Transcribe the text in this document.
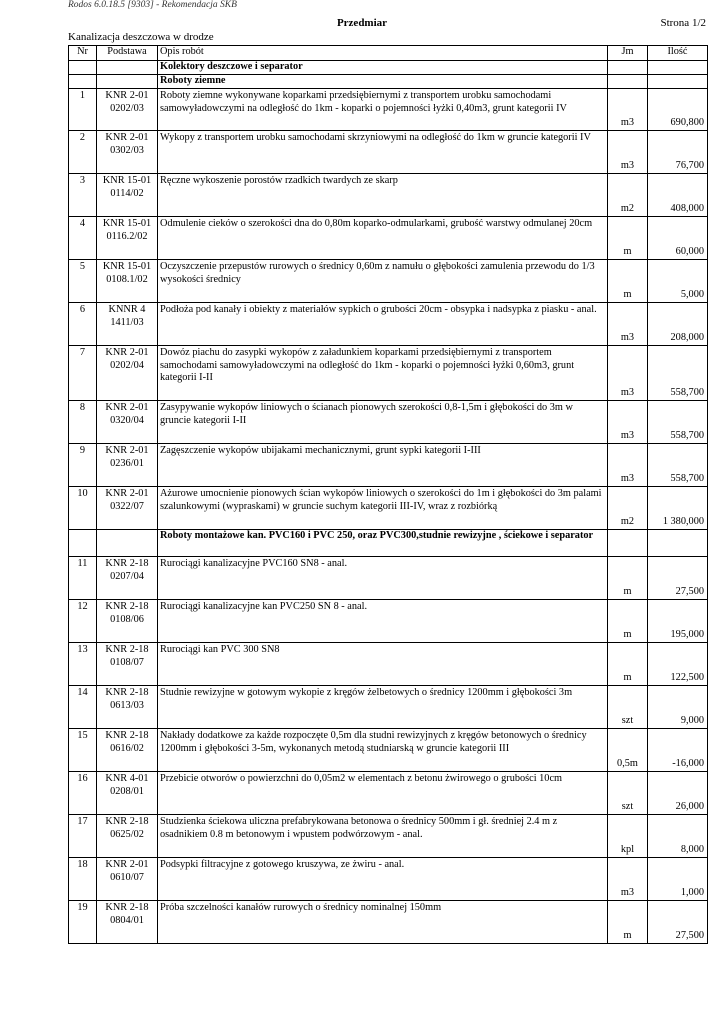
Rodos 6.0.18.5 [9303] - Rekomendacja SKB
Przedmiar	Strona 1/2
Kanalizacja deszczowa w drodze
Nr	Podstawa	Opis robót	Jm	Ilość
		Kolektory deszczowe i separator		
		Roboty ziemne		
1	KNR 2-01 0202/03	Roboty ziemne wykonywane koparkami przedsiębiernymi z transportem urobku samochodami samowyładowczymi na odległość do 1km - koparki o pojemności łyżki 0,40m3, grunt kategorii IV	m3	690,800
2	KNR 2-01 0302/03	Wykopy z transportem urobku samochodami skrzyniowymi na odległość do 1km w gruncie kategorii IV	m3	76,700
3	KNR 15-01 0114/02	Ręczne wykoszenie porostów rzadkich twardych ze skarp	m2	408,000
4	KNR 15-01 0116.2/02	Odmulenie cieków o szerokości dna do 0,80m koparko-odmularkami, grubość warstwy odmulanej 20cm	m	60,000
5	KNR 15-01 0108.1/02	Oczyszczenie przepustów rurowych o średnicy 0,60m z namułu o głębokości zamulenia przewodu do 1/3 wysokości średnicy	m	5,000
6	KNNR 4 1411/03	Podłoża pod kanały i obiekty z materiałów sypkich o grubości 20cm - obsypka i nadsypka z piasku - anal.	m3	208,000
7	KNR 2-01 0202/04	Dowóz piachu do zasypki wykopów z załadunkiem koparkami przedsiębiernymi z transportem samochodami samowyładowczymi na odległość do 1km - koparki o pojemności łyżki 0,60m3, grunt kategorii I-II	m3	558,700
8	KNR 2-01 0320/04	Zasypywanie wykopów liniowych o ścianach pionowych szerokości 0,8-1,5m i głębokości do 3m w gruncie kategorii I-II	m3	558,700
9	KNR 2-01 0236/01	Zagęszczenie wykopów ubijakami mechanicznymi, grunt sypki kategorii I-III	m3	558,700
10	KNR 2-01 0322/07	Ażurowe umocnienie pionowych ścian wykopów liniowych o szerokości do 1m i głębokości do 3m palami szalunkowymi (wypraskami) w gruncie suchym kategorii III-IV, wraz z rozbiórką	m2	1 380,000
		Roboty montażowe kan. PVC160 i PVC 250, oraz PVC300,studnie rewizyjne , ściekowe i separator		
11	KNR 2-18 0207/04	Rurociągi kanalizacyjne PVC160 SN8 - anal.	m	27,500
12	KNR 2-18 0108/06	Rurociągi kanalizacyjne kan PVC250 SN 8 - anal.	m	195,000
13	KNR 2-18 0108/07	Rurociągi kan PVC 300 SN8	m	122,500
14	KNR 2-18 0613/03	Studnie rewizyjne w gotowym wykopie z kręgów żelbetowych o średnicy 1200mm i głębokości 3m	szt	9,000
15	KNR 2-18 0616/02	Nakłady dodatkowe za każde rozpoczęte 0,5m dla studni rewizyjnych z kręgów betonowych o średnicy 1200mm i głębokości 3-5m, wykonanych metodą studniarską w gruncie kategorii III	0,5m	-16,000
16	KNR 4-01 0208/01	Przebicie otworów o powierzchni do 0,05m2 w elementach z betonu żwirowego o grubości 10cm	szt	26,000
17	KNR 2-18 0625/02	Studzienka ściekowa uliczna prefabrykowana betonowa o średnicy 500mm i gł. średniej 2.4 m z osadnikiem 0.8 m betonowym i wpustem podwórzowym - anal.	kpl	8,000
18	KNR 2-01 0610/07	Podsypki filtracyjne z gotowego kruszywa, ze żwiru - anal.	m3	1,000
19	KNR 2-18 0804/01	Próba szczelności kanałów rurowych o średnicy nominalnej 150mm	m	27,500
